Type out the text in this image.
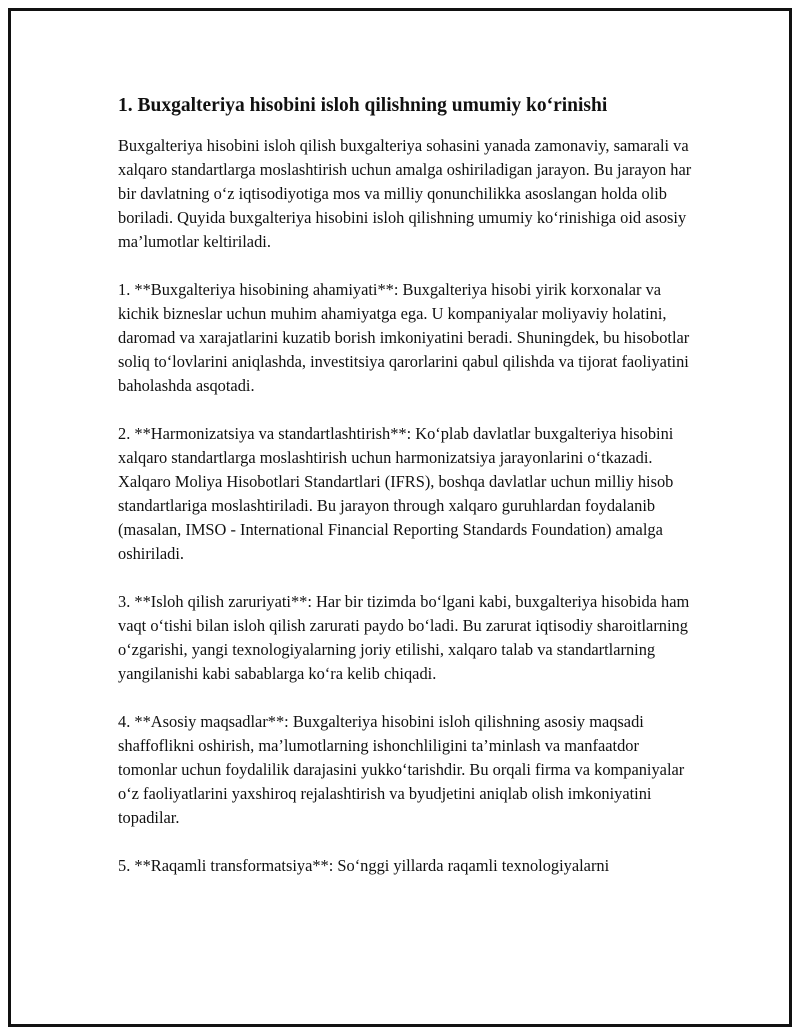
1. Buxgalteriya hisobini isloh qilishning umumiy ko‘rinishi

Buxgalteriya hisobini isloh qilish buxgalteriya sohasini yanada zamonaviy, samarali va xalqaro standartlarga moslashtirish uchun amalga oshiriladigan jarayon. Bu jarayon har bir davlatning o‘z iqtisodiyotiga mos va milliy qonunchilikka asoslangan holda olib boriladi. Quyida buxgalteriya hisobini isloh qilishning umumiy ko‘rinishiga oid asosiy ma’lumotlar keltiriladi.

1. **Buxgalteriya hisobining ahamiyati**: Buxgalteriya hisobi yirik korxonalar va kichik bizneslar uchun muhim ahamiyatga ega. U kompaniyalar moliyaviy holatini, daromad va xarajatlarini kuzatib borish imkoniyatini beradi. Shuningdek, bu hisobotlar soliq to‘lovlarini aniqlashda, investitsiya qarorlarini qabul qilishda va tijorat faoliyatini baholashda asqotadi.

2. **Harmonizatsiya va standartlashtirish**: Ko‘plab davlatlar buxgalteriya hisobini xalqaro standartlarga moslashtirish uchun harmonizatsiya jarayonlarini o‘tkazadi. Xalqaro Moliya Hisobotlari Standartlari (IFRS), boshqa davlatlar uchun milliy hisob standartlariga moslashtiriladi. Bu jarayon through xalqaro guruhlardan foydalanib (masalan, IMSO - International Financial Reporting Standards Foundation) amalga oshiriladi.

3. **Isloh qilish zaruriyati**: Har bir tizimda bo‘lgani kabi, buxgalteriya hisobida ham vaqt o‘tishi bilan isloh qilish zarurati paydo bo‘ladi. Bu zarurat iqtisodiy sharoitlarning o‘zgarishi, yangi texnologiyalarning joriy etilishi, xalqaro talab va standartlarning yangilanishi kabi sabablarga ko‘ra kelib chiqadi.

4. **Asosiy maqsadlar**: Buxgalteriya hisobini isloh qilishning asosiy maqsadi shaffoflikni oshirish, ma’lumotlarning ishonchliligini ta’minlash va manfaatdor tomonlar uchun foydalilik darajasini yukko‘tarishdir. Bu orqali firma va kompaniyalar o‘z faoliyatlarini yaxshiroq rejalashtirish va byudjetini aniqlab olish imkoniyatini topadilar.

5. **Raqamli transformatsiya**: So‘nggi yillarda raqamli texnologiyalarni
